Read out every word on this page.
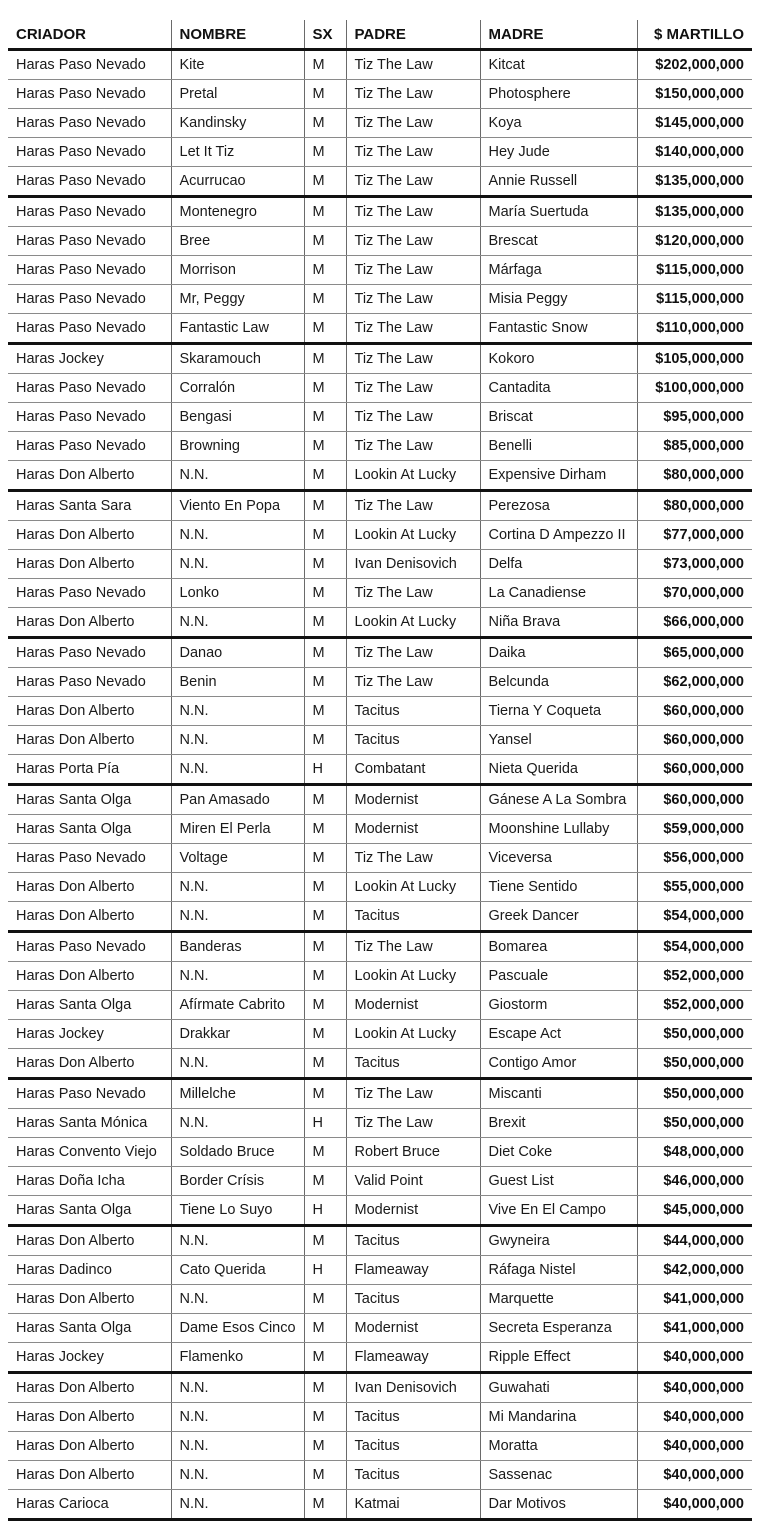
CRIADOR	NOMBRE	SX	PADRE	MADRE	$ MARTILLO
Haras Paso Nevado	Kite	M	Tiz The Law	Kitcat	$202,000,000
Haras Paso Nevado	Pretal	M	Tiz The Law	Photosphere	$150,000,000
Haras Paso Nevado	Kandinsky	M	Tiz The Law	Koya	$145,000,000
Haras Paso Nevado	Let It Tiz	M	Tiz The Law	Hey Jude	$140,000,000
Haras Paso Nevado	Acurrucao	M	Tiz The Law	Annie Russell	$135,000,000
Haras Paso Nevado	Montenegro	M	Tiz The Law	María Suertuda	$135,000,000
Haras Paso Nevado	Bree	M	Tiz The Law	Brescat	$120,000,000
Haras Paso Nevado	Morrison	M	Tiz The Law	Márfaga	$115,000,000
Haras Paso Nevado	Mr, Peggy	M	Tiz The Law	Misia Peggy	$115,000,000
Haras Paso Nevado	Fantastic Law	M	Tiz The Law	Fantastic Snow	$110,000,000
Haras Jockey	Skaramouch	M	Tiz The Law	Kokoro	$105,000,000
Haras Paso Nevado	Corralón	M	Tiz The Law	Cantadita	$100,000,000
Haras Paso Nevado	Bengasi	M	Tiz The Law	Briscat	$95,000,000
Haras Paso Nevado	Browning	M	Tiz The Law	Benelli	$85,000,000
Haras Don Alberto	N.N.	M	Lookin At Lucky	Expensive Dirham	$80,000,000
Haras Santa Sara	Viento En Popa	M	Tiz The Law	Perezosa	$80,000,000
Haras Don Alberto	N.N.	M	Lookin At Lucky	Cortina D Ampezzo II	$77,000,000
Haras Don Alberto	N.N.	M	Ivan Denisovich	Delfa	$73,000,000
Haras Paso Nevado	Lonko	M	Tiz The Law	La Canadiense	$70,000,000
Haras Don Alberto	N.N.	M	Lookin At Lucky	Niña Brava	$66,000,000
Haras Paso Nevado	Danao	M	Tiz The Law	Daika	$65,000,000
Haras Paso Nevado	Benin	M	Tiz The Law	Belcunda	$62,000,000
Haras Don Alberto	N.N.	M	Tacitus	Tierna Y Coqueta	$60,000,000
Haras Don Alberto	N.N.	M	Tacitus	Yansel	$60,000,000
Haras Porta Pía	N.N.	H	Combatant	Nieta Querida	$60,000,000
Haras Santa Olga	Pan Amasado	M	Modernist	Gánese A La Sombra	$60,000,000
Haras Santa Olga	Miren El Perla	M	Modernist	Moonshine Lullaby	$59,000,000
Haras Paso Nevado	Voltage	M	Tiz The Law	Viceversa	$56,000,000
Haras Don Alberto	N.N.	M	Lookin At Lucky	Tiene Sentido	$55,000,000
Haras Don Alberto	N.N.	M	Tacitus	Greek Dancer	$54,000,000
Haras Paso Nevado	Banderas	M	Tiz The Law	Bomarea	$54,000,000
Haras Don Alberto	N.N.	M	Lookin At Lucky	Pascuale	$52,000,000
Haras Santa Olga	Afírmate Cabrito	M	Modernist	Giostorm	$52,000,000
Haras Jockey	Drakkar	M	Lookin At Lucky	Escape Act	$50,000,000
Haras Don Alberto	N.N.	M	Tacitus	Contigo Amor	$50,000,000
Haras Paso Nevado	Millelche	M	Tiz The Law	Miscanti	$50,000,000
Haras Santa Mónica	N.N.	H	Tiz The Law	Brexit	$50,000,000
Haras Convento Viejo	Soldado Bruce	M	Robert Bruce	Diet Coke	$48,000,000
Haras Doña Icha	Border Crísis	M	Valid Point	Guest List	$46,000,000
Haras Santa Olga	Tiene Lo Suyo	H	Modernist	Vive En El Campo	$45,000,000
Haras Don Alberto	N.N.	M	Tacitus	Gwyneira	$44,000,000
Haras Dadinco	Cato Querida	H	Flameaway	Ráfaga Nistel	$42,000,000
Haras Don Alberto	N.N.	M	Tacitus	Marquette	$41,000,000
Haras Santa Olga	Dame Esos Cinco	M	Modernist	Secreta Esperanza	$41,000,000
Haras Jockey	Flamenko	M	Flameaway	Ripple Effect	$40,000,000
Haras Don Alberto	N.N.	M	Ivan Denisovich	Guwahati	$40,000,000
Haras Don Alberto	N.N.	M	Tacitus	Mi Mandarina	$40,000,000
Haras Don Alberto	N.N.	M	Tacitus	Moratta	$40,000,000
Haras Don Alberto	N.N.	M	Tacitus	Sassenac	$40,000,000
Haras Carioca	N.N.	M	Katmai	Dar Motivos	$40,000,000
